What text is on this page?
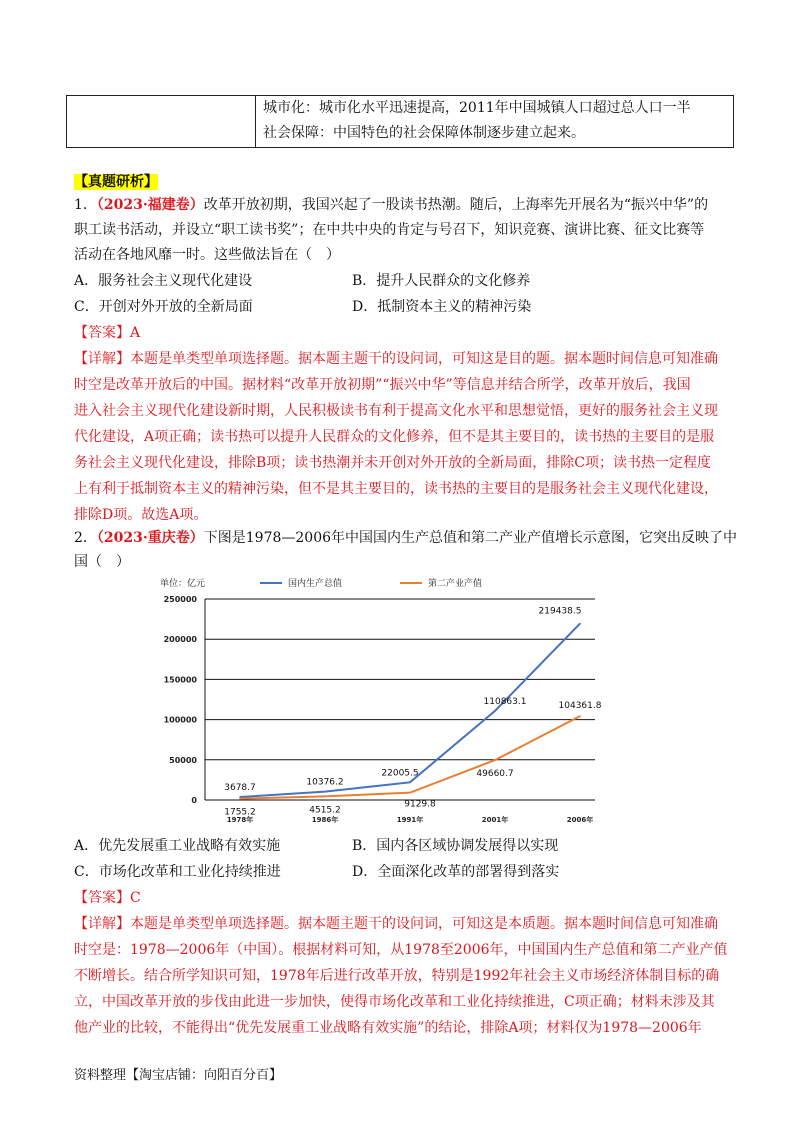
城市化：城市化水平迅速提高，2011年中国城镇人口超过总人口一半
社会保障：中国特色的社会保障体制逐步建立起来。
【真题研析】
1．（2023·福建卷）改革开放初期，我国兴起了一股读书热潮。随后，上海率先开展名为“振兴中华”的
职工读书活动，并设立“职工读书奖”；在中共中央的肯定与号召下，知识竞赛、演讲比赛、征文比赛等
活动在各地风靡一时。这些做法旨在（　）
A．服务社会主义现代化建设	B．提升人民群众的文化修养
C．开创对外开放的全新局面	D．抵制资本主义的精神污染
【答案】A
【详解】本题是单类型单项选择题。据本题主题干的设问词，可知这是目的题。据本题时间信息可知准确
时空是改革开放后的中国。据材料“改革开放初期”“振兴中华”等信息并结合所学，改革开放后，我国
进入社会主义现代化建设新时期，人民积极读书有利于提高文化水平和思想觉悟，更好的服务社会主义现
代化建设，A项正确；读书热可以提升人民群众的文化修养，但不是其主要目的，读书热的主要目的是服
务社会主义现代化建设，排除B项；读书热潮并未开创对外开放的全新局面，排除C项；读书热一定程度
上有利于抵制资本主义的精神污染，但不是其主要目的，读书热的主要目的是服务社会主义现代化建设，
排除D项。故选A项。
2．（2023·重庆卷）下图是1978—2006年中国国内生产总值和第二产业产值增长示意图，它突出反映了中
国（　）
单位：亿元	国内生产总值	第二产业产值
0
50000
100000
150000
200000
250000
1978年	1986年	1991年	2001年	2006年
3678.7
10376.2
22005.5
110863.1
219438.5
1755.2	4515.2
9129.8
49660.7
104361.8
A．优先发展重工业战略有效实施	B．国内各区域协调发展得以实现
C．市场化改革和工业化持续推进	D．全面深化改革的部署得到落实
【答案】C
【详解】本题是单类型单项选择题。据本题主题干的设问词，可知这是本质题。据本题时间信息可知准确
时空是：1978—2006年（中国）。根据材料可知，从1978至2006年，中国国内生产总值和第二产业产值
不断增长。结合所学知识可知，1978年后进行改革开放，特别是1992年社会主义市场经济体制目标的确
立，中国改革开放的步伐由此进一步加快，使得市场化改革和工业化持续推进，C项正确；材料未涉及其
他产业的比较，不能得出“优先发展重工业战略有效实施”的结论，排除A项；材料仅为1978—2006年
资料整理【淘宝店铺：向阳百分百】
